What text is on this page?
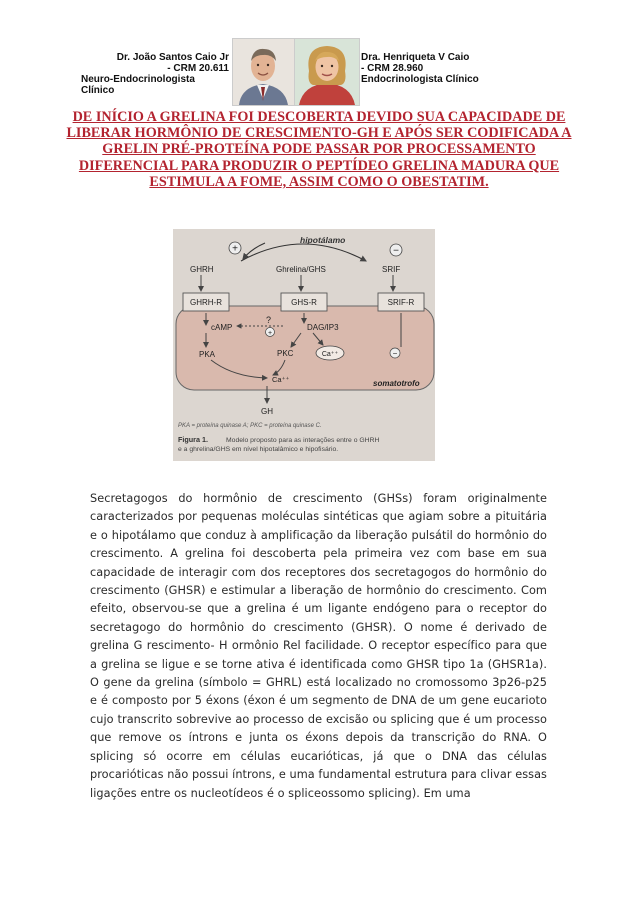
Dr. João Santos Caio Jr
- CRM 20.611
Neuro-Endocrinologista Clínico
Dra. Henriqueta V Caio
- CRM 28.960
Endocrinologista Clínico
DE INÍCIO A GRELINA FOI DESCOBERTA DEVIDO SUA CAPACIDADE DE LIBERAR HORMÔNIO DE CRESCIMENTO-GH E APÓS SER CODIFICADA A GRELIN PRÉ-PROTEÍNA PODE PASSAR POR PROCESSAMENTO DIFERENCIAL PARA PRODUZIR O PEPTÍDEO GRELINA MADURA QUE ESTIMULA A FOME, ASSIM COMO O OBESTATIM.
hipotálamo
+	−
GHRH	Ghrelina/GHS	SRIF
GHRH-R	GHS-R	SRIF-R
cAMP
PKA
?
+
DAG/IP3
PKC	Ca⁺⁺	−
Ca⁺⁺	somatotrofo
GH
PKA = proteína quinase A; PKC = proteína quinase C.
Figura 1.	Modelo proposto para as interações entre o GHRH
e a ghrelina/GHS em nível hipotalâmico e hipofisário.

Secretagogos do hormônio de crescimento (GHSs) foram originalmente caracterizados por pequenas moléculas sintéticas que agiam sobre a pituitária e o hipotálamo que conduz à amplificação da liberação pulsátil do hormônio do crescimento. A grelina foi descoberta pela primeira vez com base em sua capacidade de interagir com dos receptores dos secretagogos do hormônio do crescimento (GHSR) e estimular a liberação de hormônio do crescimento. Com efeito, observou-se que a grelina é um ligante endógeno para o receptor do secretagogo do hormônio do crescimento (GHSR). O nome é derivado de grelina G rescimento- H ormônio Rel facilidade. O receptor específico para que a grelina se ligue e se torne ativa é identificada como GHSR tipo 1a (GHSR1a). O gene da grelina (símbolo = GHRL) está localizado no cromossomo 3p26-p25 e é composto por 5 éxons (éxon é um segmento de DNA de um gene eucarioto cujo transcrito sobrevive ao processo de excisão ou splicing que é um processo que remove os íntrons e junta os éxons depois da transcrição do RNA. O splicing só ocorre em células eucarióticas, já que o DNA das células procarióticas não possui íntrons, e uma fundamental estrutura para clivar essas ligações entre os nucleotídeos é o spliceossomo splicing). Em uma
